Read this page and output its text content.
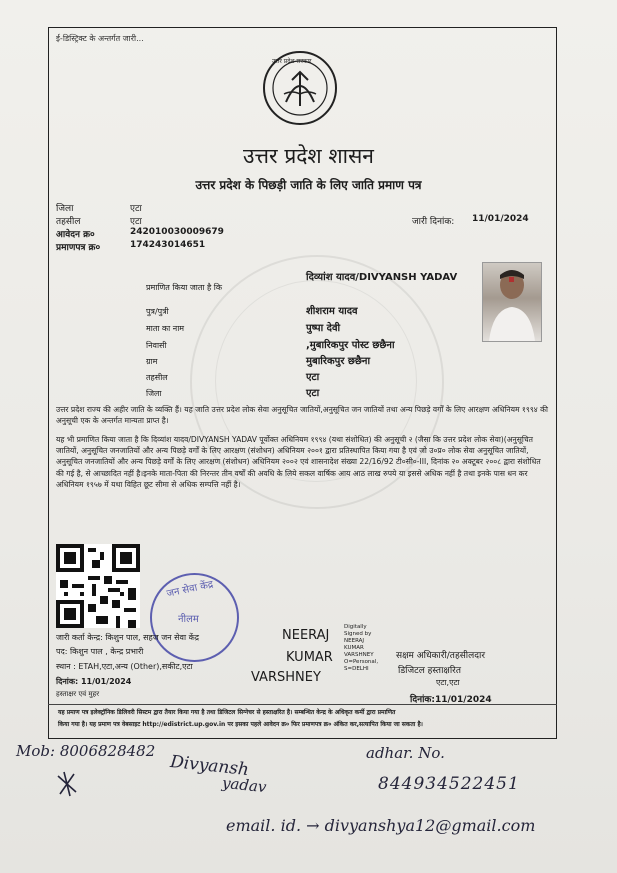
ई-डिस्ट्रिक्ट के अन्तर्गत जारी...
उत्तर प्रदेश सरकार
उत्तर प्रदेश शासन
उत्तर प्रदेश के पिछड़ी जाति के लिए जाति प्रमाण पत्र
जिला	एटा
तहसील	एटा
आवेदन क्र०	242010030009679
प्रमाणपत्र क्र०	174243014651
जारी दिनांक: 11/01/2024
प्रमाणित किया जाता है कि
दिव्यांश यादव/DIVYANSH YADAV
पुत्र/पुत्री	शीशराम यादव
माता का नाम	पुष्पा देवी
निवासी	,मुबारिकपुर पोस्ट छछैना
ग्राम	मुबारिकपुर छछैना
तहसील	एटा
जिला	एटा
उत्तर प्रदेश राज्य की अहीर जाति के व्यक्ति हैं। यह जाति उत्तर प्रदेश लोक सेवा अनुसूचित जातियों,अनुसूचित जन जातियों तथा अन्य पिछड़े वर्गों के लिए आरक्षण अधिनियम १९९४ की अनुसूची एक के अन्तर्गत मान्यता प्राप्त है।
यह भी प्रमाणित किया जाता है कि दिव्यांश यादव/DIVYANSH YADAV पूर्वोक्त अधिनियम १९९४ (यथा संशोधित) की अनुसूची २ (जैसा कि उत्तर प्रदेश लोक सेवा)(अनुसूचित जातियों, अनुसूचित जनजातियों और अन्य पिछड़े वर्गों के लिए आरक्षण (संशोधन) अधिनियम २००१ द्वारा प्रतिस्थापित किया गया है एवं जो उ०प्र० लोक सेवा अनुसूचित जातियों, अनुसूचित जनजातियों और अन्य पिछड़े वर्गों के लिए आरक्षण (संशोधन) अधिनियम २००२ एवं शासनादेश संख्या 22/16/92 टी०सी०-III, दिनांक २० अक्टूबर २००८ द्वारा संशोधित की गई है, से आच्छादित नहीं है।इनके माता-पिता की निरन्तर तीन वर्षों की अवधि के लिये सकल वार्षिक आय आठ लाख रुपये या इससे अधिक नहीं है तथा इनके पास धन कर अधिनियम १९५७ में यथा विहित छूट सीमा से अधिक सम्पत्ति नहीं है।
जन सेवा केंद्र
नीलम
जारी कर्ता केन्द्र: किशुन पाल, सहज जन सेवा केंद्र
पद: किशुन पाल , केन्द्र प्रभारी
स्थान : ETAH,एटा,अन्य (Other),सकीट,एटा
दिनांक: 11/01/2024
हस्ताक्षर एवं मुहर
NEERAJ
KUMAR
VARSHNEY
Digitally
Signed by
NEERAJ
KUMAR
VARSHNEY
O=Personal,
S=DELHI
सक्षम अधिकारी/तहसीलदार
डिजिटल हस्ताक्षरित
एटा,एटा
दिनांक:11/01/2024
यह प्रमाण पत्र इलेक्ट्रॉनिक डिलिवरी सिस्टम द्वारा तैयार किया गया है तथा डिजिटल सिग्नेचर से हस्ताक्षरित है। सम्बन्धित केन्द्र के अधिकृत कर्मी द्वारा प्रमाणित
किया गया है। यह प्रमाण पत्र वेबसाइट http://edistrict.up.gov.in पर इसका पहले आवेदन क्र० फिर प्रमाणपत्र क्र० अंकित कर,सत्यापित किया जा सकता है।
Mob: 8006828482
Divyansh
yadav
adhar. No.
844934522451
email. id. → divyanshya12@gmail.com
